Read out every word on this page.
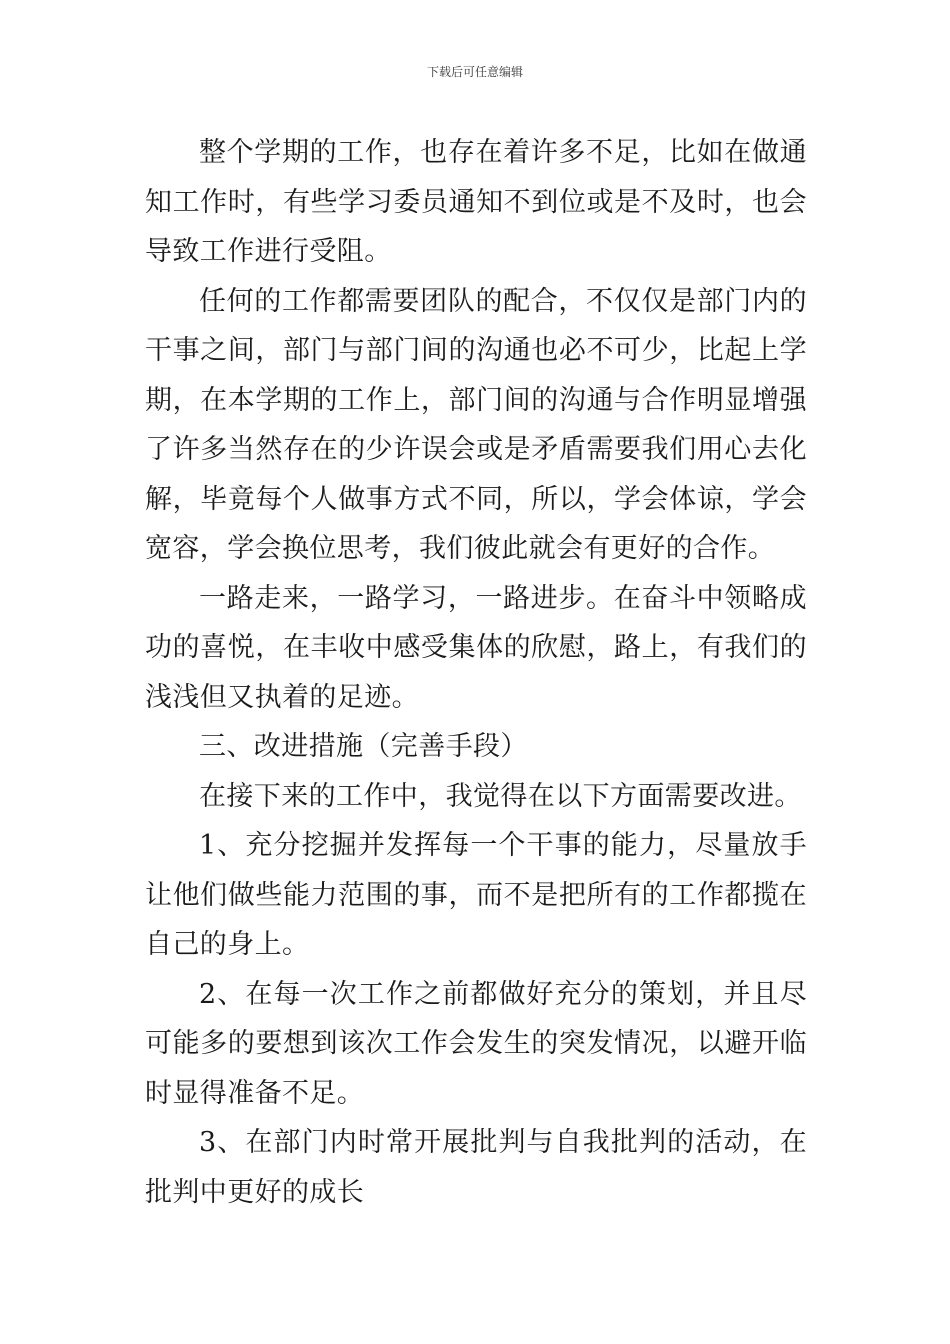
下载后可任意编辑

整个学期的工作，也存在着许多不足，比如在做通知工作时，有些学习委员通知不到位或是不及时，也会导致工作进行受阻。

任何的工作都需要团队的配合，不仅仅是部门内的干事之间，部门与部门间的沟通也必不可少，比起上学期，在本学期的工作上，部门间的沟通与合作明显增强了许多当然存在的少许误会或是矛盾需要我们用心去化解，毕竟每个人做事方式不同，所以，学会体谅，学会宽容，学会换位思考，我们彼此就会有更好的合作。

一路走来，一路学习，一路进步。在奋斗中领略成功的喜悦，在丰收中感受集体的欣慰，路上，有我们的浅浅但又执着的足迹。

三、改进措施（完善手段）

在接下来的工作中，我觉得在以下方面需要改进。

1、充分挖掘并发挥每一个干事的能力，尽量放手让他们做些能力范围的事，而不是把所有的工作都揽在自己的身上。

2、在每一次工作之前都做好充分的策划，并且尽可能多的要想到该次工作会发生的突发情况，以避开临时显得准备不足。

3、在部门内时常开展批判与自我批判的活动，在批判中更好的成长
